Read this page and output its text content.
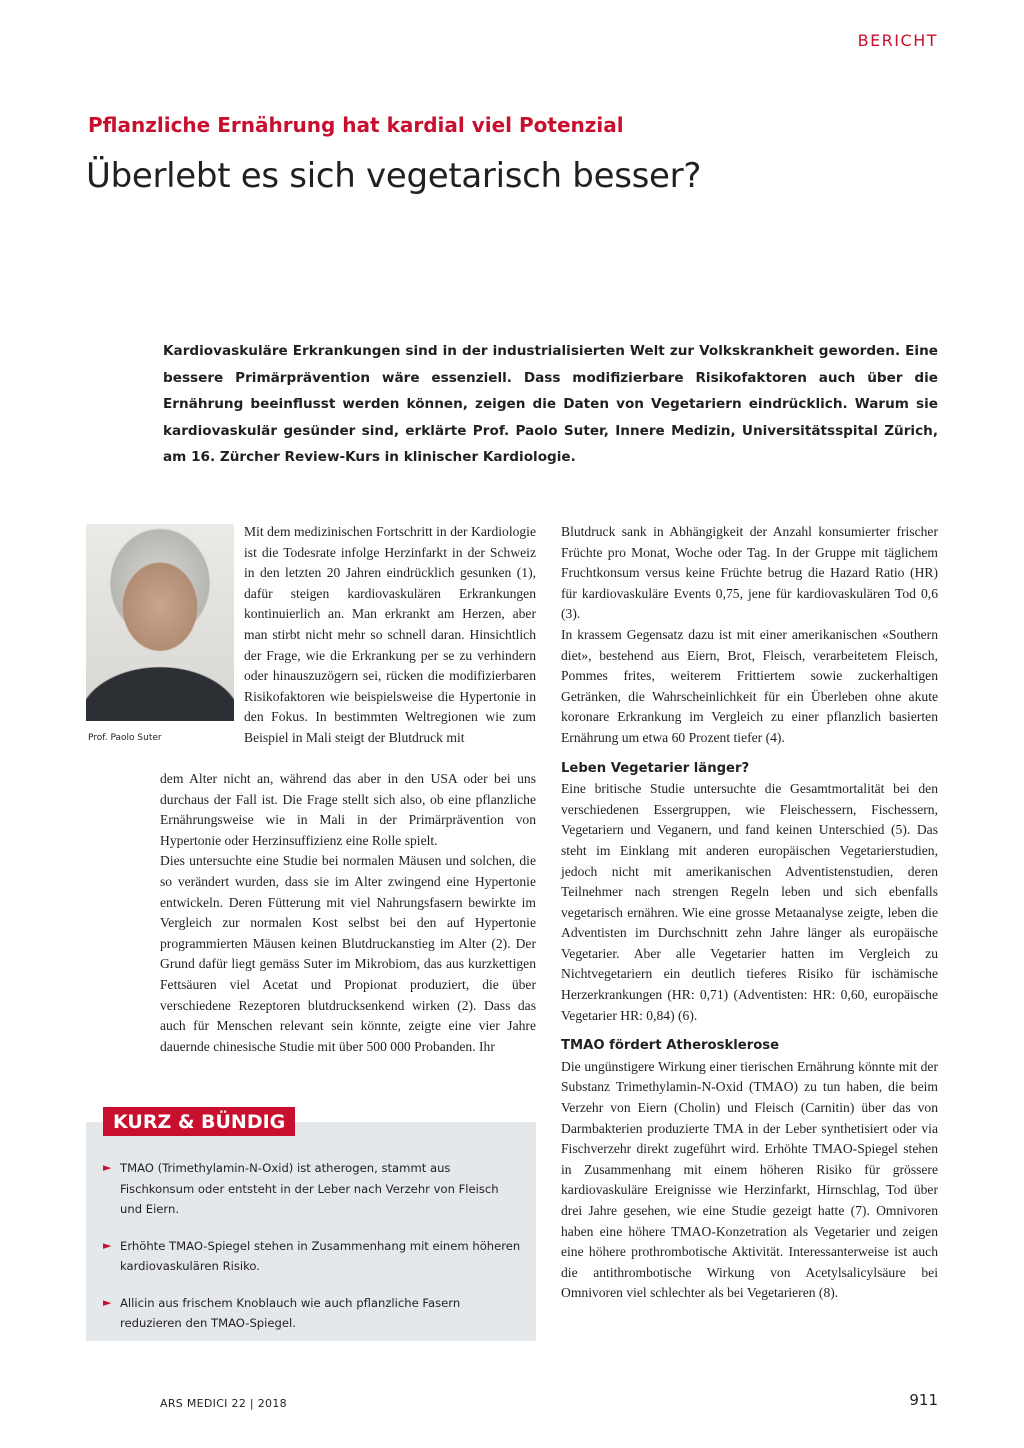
BERICHT
Pflanzliche Ernährung hat kardial viel Potenzial
Überlebt es sich vegetarisch besser?

Kardiovaskuläre Erkrankungen sind in der industrialisierten Welt zur Volkskrankheit geworden. Eine bessere Primärprävention wäre essenziell. Dass modifizierbare Risikofaktoren auch über die Ernährung beeinflusst werden können, zeigen die Daten von Vegetariern eindrücklich. Warum sie kardiovaskulär gesünder sind, erklärte Prof. Paolo Suter, Innere Medizin, Universitätsspital Zürich, am 16. Zürcher Review-Kurs in klinischer Kardiologie.

Prof. Paolo Suter

Mit dem medizinischen Fortschritt in der Kardiologie ist die Todesrate infolge Herzinfarkt in der Schweiz in den letzten 20 Jahren eindrücklich gesunken (1), dafür steigen kardiovaskulären Erkrankungen kontinuierlich an. Man erkrankt am Herzen, aber man stirbt nicht mehr so schnell daran. Hinsichtlich der Frage, wie die Erkrankung per se zu verhindern oder hinauszuzögern sei, rücken die modifizierbaren Risikofaktoren wie beispielsweise die Hypertonie in den Fokus. In bestimmten Weltregionen wie zum Beispiel in Mali steigt der Blutdruck mit

dem Alter nicht an, während das aber in den USA oder bei uns durchaus der Fall ist. Die Frage stellt sich also, ob eine pflanzliche Ernährungsweise wie in Mali in der Primärprävention von Hypertonie oder Herzinsuffizienz eine Rolle spielt.

Dies untersuchte eine Studie bei normalen Mäusen und solchen, die so verändert wurden, dass sie im Alter zwingend eine Hypertonie entwickeln. Deren Fütterung mit viel Nahrungsfasern bewirkte im Vergleich zur normalen Kost selbst bei den auf Hypertonie programmierten Mäusen keinen Blutdruckanstieg im Alter (2). Der Grund dafür liegt gemäss Suter im Mikrobiom, das aus kurzkettigen Fettsäuren viel Acetat und Propionat produziert, die über verschiedene Rezeptoren blutdrucksenkend wirken (2). Dass das auch für Menschen relevant sein könnte, zeigte eine vier Jahre dauernde chinesische Studie mit über 500 000 Probanden. Ihr

Blutdruck sank in Abhängigkeit der Anzahl konsumierter frischer Früchte pro Monat, Woche oder Tag. In der Gruppe mit täglichem Fruchtkonsum versus keine Früchte betrug die Hazard Ratio (HR) für kardiovaskuläre Events 0,75, jene für kardiovaskulären Tod 0,6 (3).

In krassem Gegensatz dazu ist mit einer amerikanischen «Southern diet», bestehend aus Eiern, Brot, Fleisch, verarbeitetem Fleisch, Pommes frites, weiterem Frittiertem sowie zuckerhaltigen Getränken, die Wahrscheinlichkeit für ein Überleben ohne akute koronare Erkrankung im Vergleich zu einer pflanzlich basierten Ernährung um etwa 60 Prozent tiefer (4).

Leben Vegetarier länger?

Eine britische Studie untersuchte die Gesamtmortalität bei den verschiedenen Essergruppen, wie Fleischessern, Fischessern, Vegetariern und Veganern, und fand keinen Unterschied (5). Das steht im Einklang mit anderen europäischen Vegetarierstudien, jedoch nicht mit amerikanischen Adventistenstudien, deren Teilnehmer nach strengen Regeln leben und sich ebenfalls vegetarisch ernähren. Wie eine grosse Metaanalyse zeigte, leben die Adventisten im Durchschnitt zehn Jahre länger als europäische Vegetarier. Aber alle Vegetarier hatten im Vergleich zu Nichtvegetariern ein deutlich tieferes Risiko für ischämische Herzerkrankungen (HR: 0,71) (Adventisten: HR: 0,60, europäische Vegetarier HR: 0,84) (6).

TMAO fördert Atherosklerose

Die ungünstigere Wirkung einer tierischen Ernährung könnte mit der Substanz Trimethylamin-N-Oxid (TMAO) zu tun haben, die beim Verzehr von Eiern (Cholin) und Fleisch (Carnitin) über das von Darmbakterien produzierte TMA in der Leber synthetisiert oder via Fischverzehr direkt zugeführt wird. Erhöhte TMAO-Spiegel stehen in Zusammenhang mit einem höheren Risiko für grössere kardiovaskuläre Ereignisse wie Herzinfarkt, Hirnschlag, Tod über drei Jahre gesehen, wie eine Studie gezeigt hatte (7). Omnivoren haben eine höhere TMAO-Konzetration als Vegetarier und zeigen eine höhere prothrombotische Aktivität. Interessanterweise ist auch die antithrombotische Wirkung von Acetylsalicylsäure bei Omnivoren viel schlechter als bei Vegetarieren (8).

KURZ & BÜNDIG
► TMAO (Trimethylamin-N-Oxid) ist atherogen, stammt aus Fischkonsum oder entsteht in der Leber nach Verzehr von Fleisch und Eiern.
► Erhöhte TMAO-Spiegel stehen in Zusammenhang mit einem höheren kardiovaskulären Risiko.
► Allicin aus frischem Knoblauch wie auch pflanzliche Fasern reduzieren den TMAO-Spiegel.
ARS MEDICI 22 | 2018	911
